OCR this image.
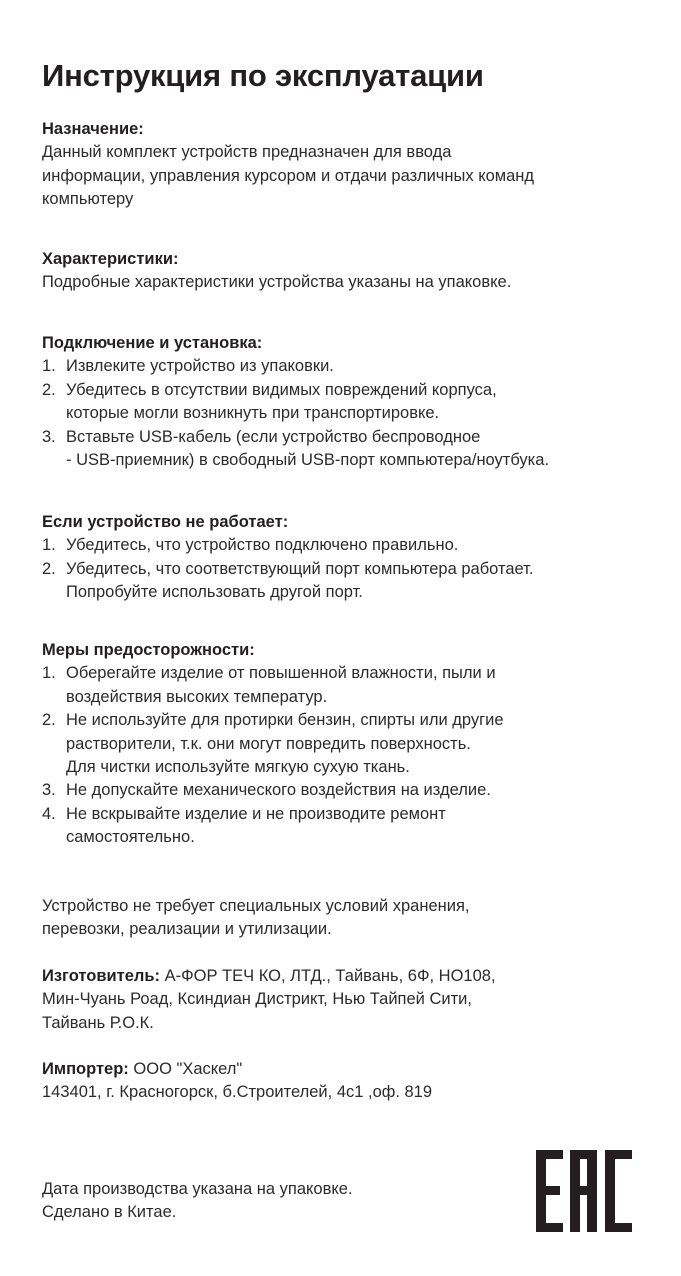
Инструкция по эксплуатации
Назначение:
Данный комплект устройств предназначен для ввода
информации, управления курсором и отдачи различных команд
компьютеру
Характеристики:
Подробные характеристики устройства указаны на упаковке.
Подключение и установка:
1. Извлеките устройство из упаковки.
2. Убедитесь в отсутствии видимых повреждений корпуса,
которые могли возникнуть при транспортировке.
3. Вставьте USB-кабель (если устройство беспроводное
- USB-приемник) в свободный USB-порт компьютера/ноутбука.
Если устройство не работает:
1. Убедитесь, что устройство подключено правильно.
2. Убедитесь, что соответствующий порт компьютера работает.
Попробуйте использовать другой порт.
Меры предосторожности:
1. Оберегайте изделие от повышенной влажности, пыли и
воздействия высоких температур.
2. Не используйте для протирки бензин, спирты или другие
растворители, т.к. они могут повредить поверхность.
Для чистки используйте мягкую сухую ткань.
3. Не допускайте механического воздействия на изделие.
4. Не вскрывайте изделие и не производите ремонт
самостоятельно.
Устройство не требует специальных условий хранения,
перевозки, реализации и утилизации.
Изготовитель: А-ФОР ТЕЧ КО, ЛТД., Тайвань, 6Ф, НО108,
Мин-Чуань Роад, Ксиндиан Дистрикт, Нью Тайпей Сити,
Тайвань Р.О.К.
Импортер: ООО "Хаскел"
143401, г. Красногорск, б.Строителей, 4с1 ,оф. 819
Дата производства указана на упаковке.
Сделано в Китае.
